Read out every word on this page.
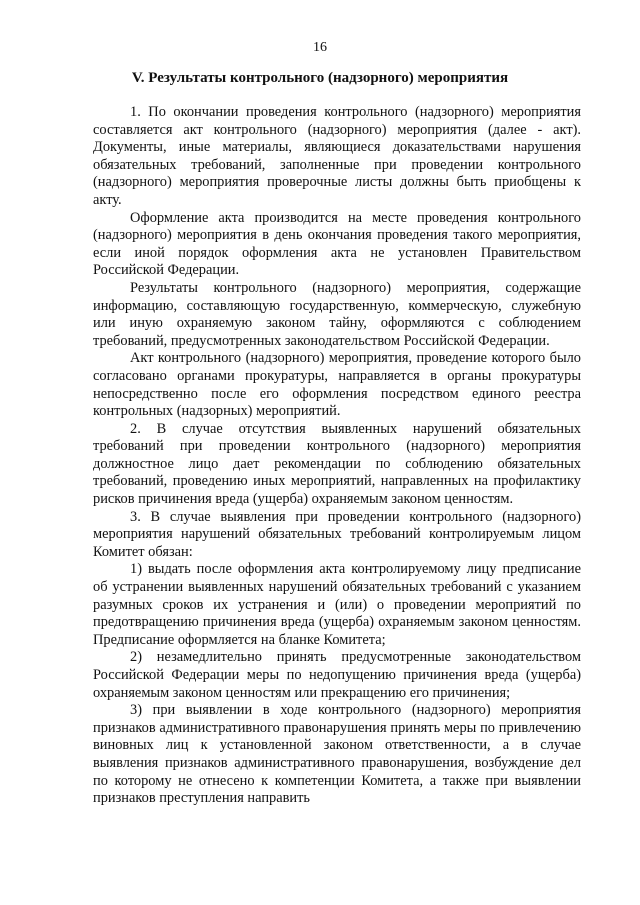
16
V. Результаты контрольного (надзорного) мероприятия

1. По окончании проведения контрольного (надзорного) мероприятия составляется акт контрольного (надзорного) мероприятия (далее - акт). Документы, иные материалы, являющиеся доказательствами нарушения обязательных требований, заполненные при проведении контрольного (надзорного) мероприятия проверочные листы должны быть приобщены к акту.

Оформление акта производится на месте проведения контрольного (надзорного) мероприятия в день окончания проведения такого мероприятия, если иной порядок оформления акта не установлен Правительством Российской Федерации.

Результаты контрольного (надзорного) мероприятия, содержащие информацию, составляющую государственную, коммерческую, служебную или иную охраняемую законом тайну, оформляются с соблюдением требований, предусмотренных законодательством Российской Федерации.

Акт контрольного (надзорного) мероприятия, проведение которого было согласовано органами прокуратуры, направляется в органы прокуратуры непосредственно после его оформления посредством единого реестра контрольных (надзорных) мероприятий.

2. В случае отсутствия выявленных нарушений обязательных требований при проведении контрольного (надзорного) мероприятия должностное лицо дает рекомендации по соблюдению обязательных требований, проведению иных мероприятий, направленных на профилактику рисков причинения вреда (ущерба) охраняемым законом ценностям.

3. В случае выявления при проведении контрольного (надзорного) мероприятия нарушений обязательных требований контролируемым лицом Комитет обязан:

1) выдать после оформления акта контролируемому лицу предписание об устранении выявленных нарушений обязательных требований с указанием разумных сроков их устранения и (или) о проведении мероприятий по предотвращению причинения вреда (ущерба) охраняемым законом ценностям. Предписание оформляется на бланке Комитета;

2) незамедлительно принять предусмотренные законодательством Российской Федерации меры по недопущению причинения вреда (ущерба) охраняемым законом ценностям или прекращению его причинения;

3) при выявлении в ходе контрольного (надзорного) мероприятия признаков административного правонарушения принять меры по привлечению виновных лиц к установленной законом ответственности, а в случае выявления признаков административного правонарушения, возбуждение дел по которому не отнесено к компетенции Комитета, а также при выявлении признаков преступления направить
